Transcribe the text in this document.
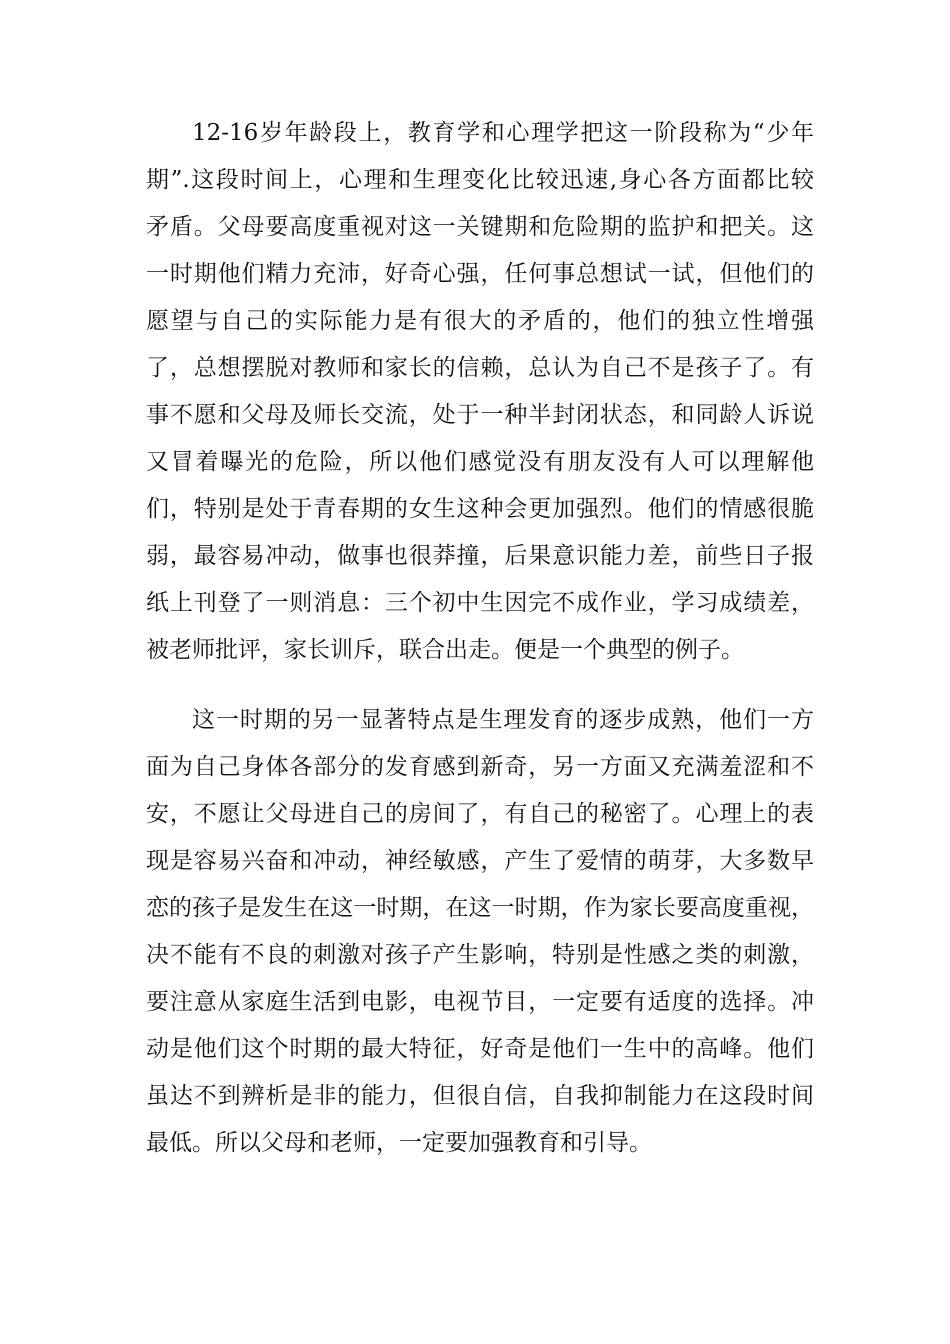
12-16岁年龄段上，教育学和心理学把这一阶段称为“少年
期”.这段时间上，心理和生理变化比较迅速,身心各方面都比较
矛盾。父母要高度重视对这一关键期和危险期的监护和把关。这
一时期他们精力充沛，好奇心强，任何事总想试一试，但他们的
愿望与自己的实际能力是有很大的矛盾的，他们的独立性增强
了，总想摆脱对教师和家长的信赖，总认为自己不是孩子了。有
事不愿和父母及师长交流，处于一种半封闭状态，和同龄人诉说
又冒着曝光的危险，所以他们感觉没有朋友没有人可以理解他
们，特别是处于青春期的女生这种会更加强烈。他们的情感很脆
弱，最容易冲动，做事也很莽撞，后果意识能力差，前些日子报
纸上刊登了一则消息：三个初中生因完不成作业，学习成绩差，
被老师批评，家长训斥，联合出走。便是一个典型的例子。
这一时期的另一显著特点是生理发育的逐步成熟，他们一方
面为自己身体各部分的发育感到新奇，另一方面又充满羞涩和不
安，不愿让父母进自己的房间了，有自己的秘密了。心理上的表
现是容易兴奋和冲动，神经敏感，产生了爱情的萌芽，大多数早
恋的孩子是发生在这一时期，在这一时期，作为家长要高度重视，
决不能有不良的刺激对孩子产生影响，特别是性感之类的刺激，
要注意从家庭生活到电影，电视节目，一定要有适度的选择。冲
动是他们这个时期的最大特征，好奇是他们一生中的高峰。他们
虽达不到辨析是非的能力，但很自信，自我抑制能力在这段时间
最低。所以父母和老师，一定要加强教育和引导。
